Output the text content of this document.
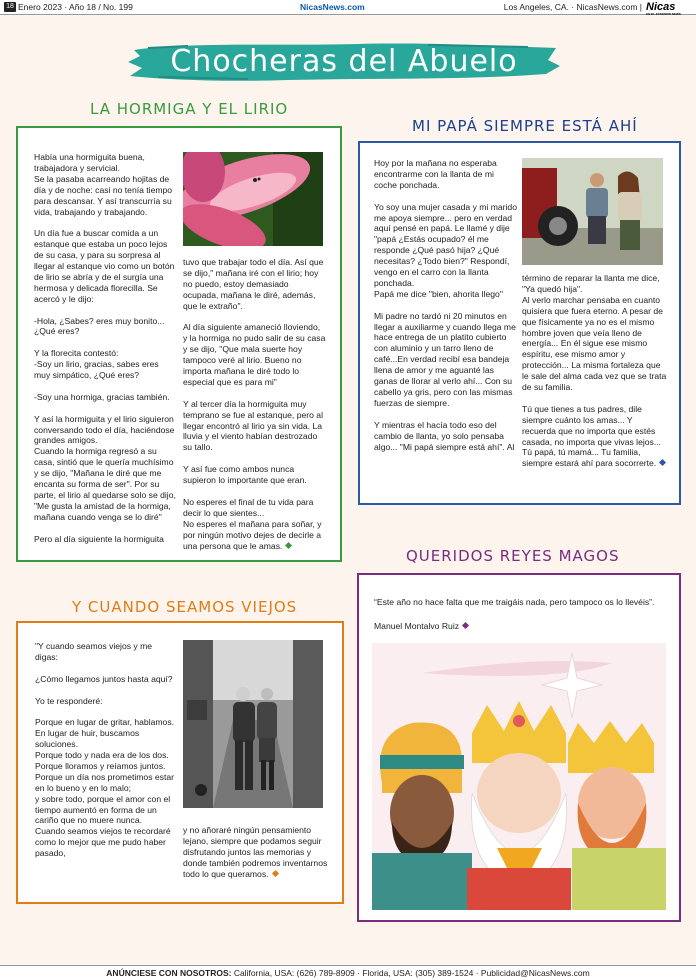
18 Enero 2023 · Año 18 / No. 199	NicasNews.com	Los Angeles, CA. · NicasNews.com | Nicas
EN EL EXTERIOR NEWS
Chocheras del Abuelo
LA HORMIGA Y EL LIRIO
MI PAPÁ SIEMPRE ESTÁ AHÍ
Y CUANDO SEAMOS VIEJOS
QUERIDOS REYES MAGOS

Había una hormiguita buena, trabajadora y servicial.

Se la pasaba acarreando hojitas de día y de noche: casi no tenía tiempo para descansar. Y así transcurría su vida, trabajando y trabajando.

Un día fue a buscar comida a un estanque que estaba un poco lejos de su casa, y para su sorpresa al llegar al estanque vio como un botón de lirio se abría y de el surgía una hermosa y delicada florecilla. Se acercó y le dijo:

-Hola, ¿Sabes? eres muy bonito... ¿Qué eres?

Y la florecita contestó:

-Soy un lirio, gracias, sabes eres muy simpático, ¿Qué eres?

-Soy una hormiga, gracias también.

Y así la hormiguita y el lirio siguieron conversando todo el día, haciéndose grandes amigos.

Cuando la hormiga regresó a su casa, sintió que le quería muchísimo y se dijo, "Mañana le diré que me encanta su forma de ser". Por su parte, el lirio al quedarse solo se dijo, "Me gusta la amistad de la hormiga, mañana cuando venga se lo diré"

Pero al día siguiente la hormiguita

tuvo que trabajar todo el día. Así que se dijo," mañana iré con el lirio; hoy no puedo, estoy demasiado ocupada, mañana le diré, además, que le extraño".

Al día siguiente amaneció lloviendo, y la hormiga no pudo salir de su casa y se dijo, "Que mala suerte hoy tampoco veré al lirio. Bueno no importa mañana le diré todo lo especial que es para mi"

Y al tercer día la hormiguita muy temprano se fue al estanque, pero al llegar encontró al lirio ya sin vida. La lluvia y el viento habían destrozado su tallo.

Y así fue como ambos nunca supieron lo importante que eran.

No esperes el final de tu vida para decir lo que sientes...

No esperes el mañana para soñar, y por ningún motivo dejes de decirle a una persona que le amas.

Hoy por la mañana no esperaba encontrarme con la llanta de mi coche ponchada.

Yo soy una mujer casada y mi marido me apoya siempre... pero en verdad aquí pensé en papá. Le llamé y dije "papá ¿Estás ocupado? él me responde ¿Qué pasó hija? ¿Qué necesitas? ¿Todo bien?" Respondí, vengo en el carro con la llanta ponchada.

Papá me dice "bien, ahorita llego"

Mi padre no tardó ni 20 minutos en llegar a auxiliarme y cuando llega me hace entrega de un platito cubierto con aluminio y un tarro lleno de café...En verdad recibí esa bandeja llena de amor y me aguanté las ganas de llorar al verlo ahí... Con su cabello ya gris, pero con las mismas fuerzas de siempre.

Y mientras el hacía todo eso del cambio de llanta, yo solo pensaba algo... "Mi papá siempre está ahí". Al

término de reparar la llanta me dice, "Ya quedó hija".

Al verlo marchar pensaba en cuanto quisiera que fuera eterno. A pesar de que físicamente ya no es el mismo hombre joven que veía lleno de energía... En él sigue ese mismo espíritu, ese mismo amor y protección... La misma fortaleza que le sale del alma cada vez que se trata de su familia.

Tú que tienes a tus padres, dile siempre cuánto los amas... Y recuerda que no importa que estés casada, no importa que vivas lejos... Tú papá, tú mamá... Tu familia, siempre estará ahí para socorrerte.

"Y cuando seamos viejos y me digas:

¿Cómo llegamos juntos hasta aquí?

Yo te responderé:

Porque en lugar de gritar, hablamos.

En lugar de huir, buscamos soluciones.

Porque todo y nada era de los dos.

Porque lloramos y reíamos juntos.

Porque un día nos prometimos estar en lo bueno y en lo malo;

y sobre todo, porque el amor con el tiempo aumentó en forma de un cariño que no muere nunca.

Cuando seamos viejos te recordaré como lo mejor que me pudo haber pasado,

y no añoraré ningún pensamiento lejano, siempre que podamos seguir disfrutando juntos las memorias y donde también podremos inventarnos todo lo que queramos.

“Este año no hace falta que me traigáis nada, pero tampoco os lo llevéis”.
Manuel Montalvo Ruiz
ANÚNCIESE CON NOSOTROS: California, USA: (626) 789-8909 · Florida, USA: (305) 389-1524 · Publicidad@NicasNews.com
